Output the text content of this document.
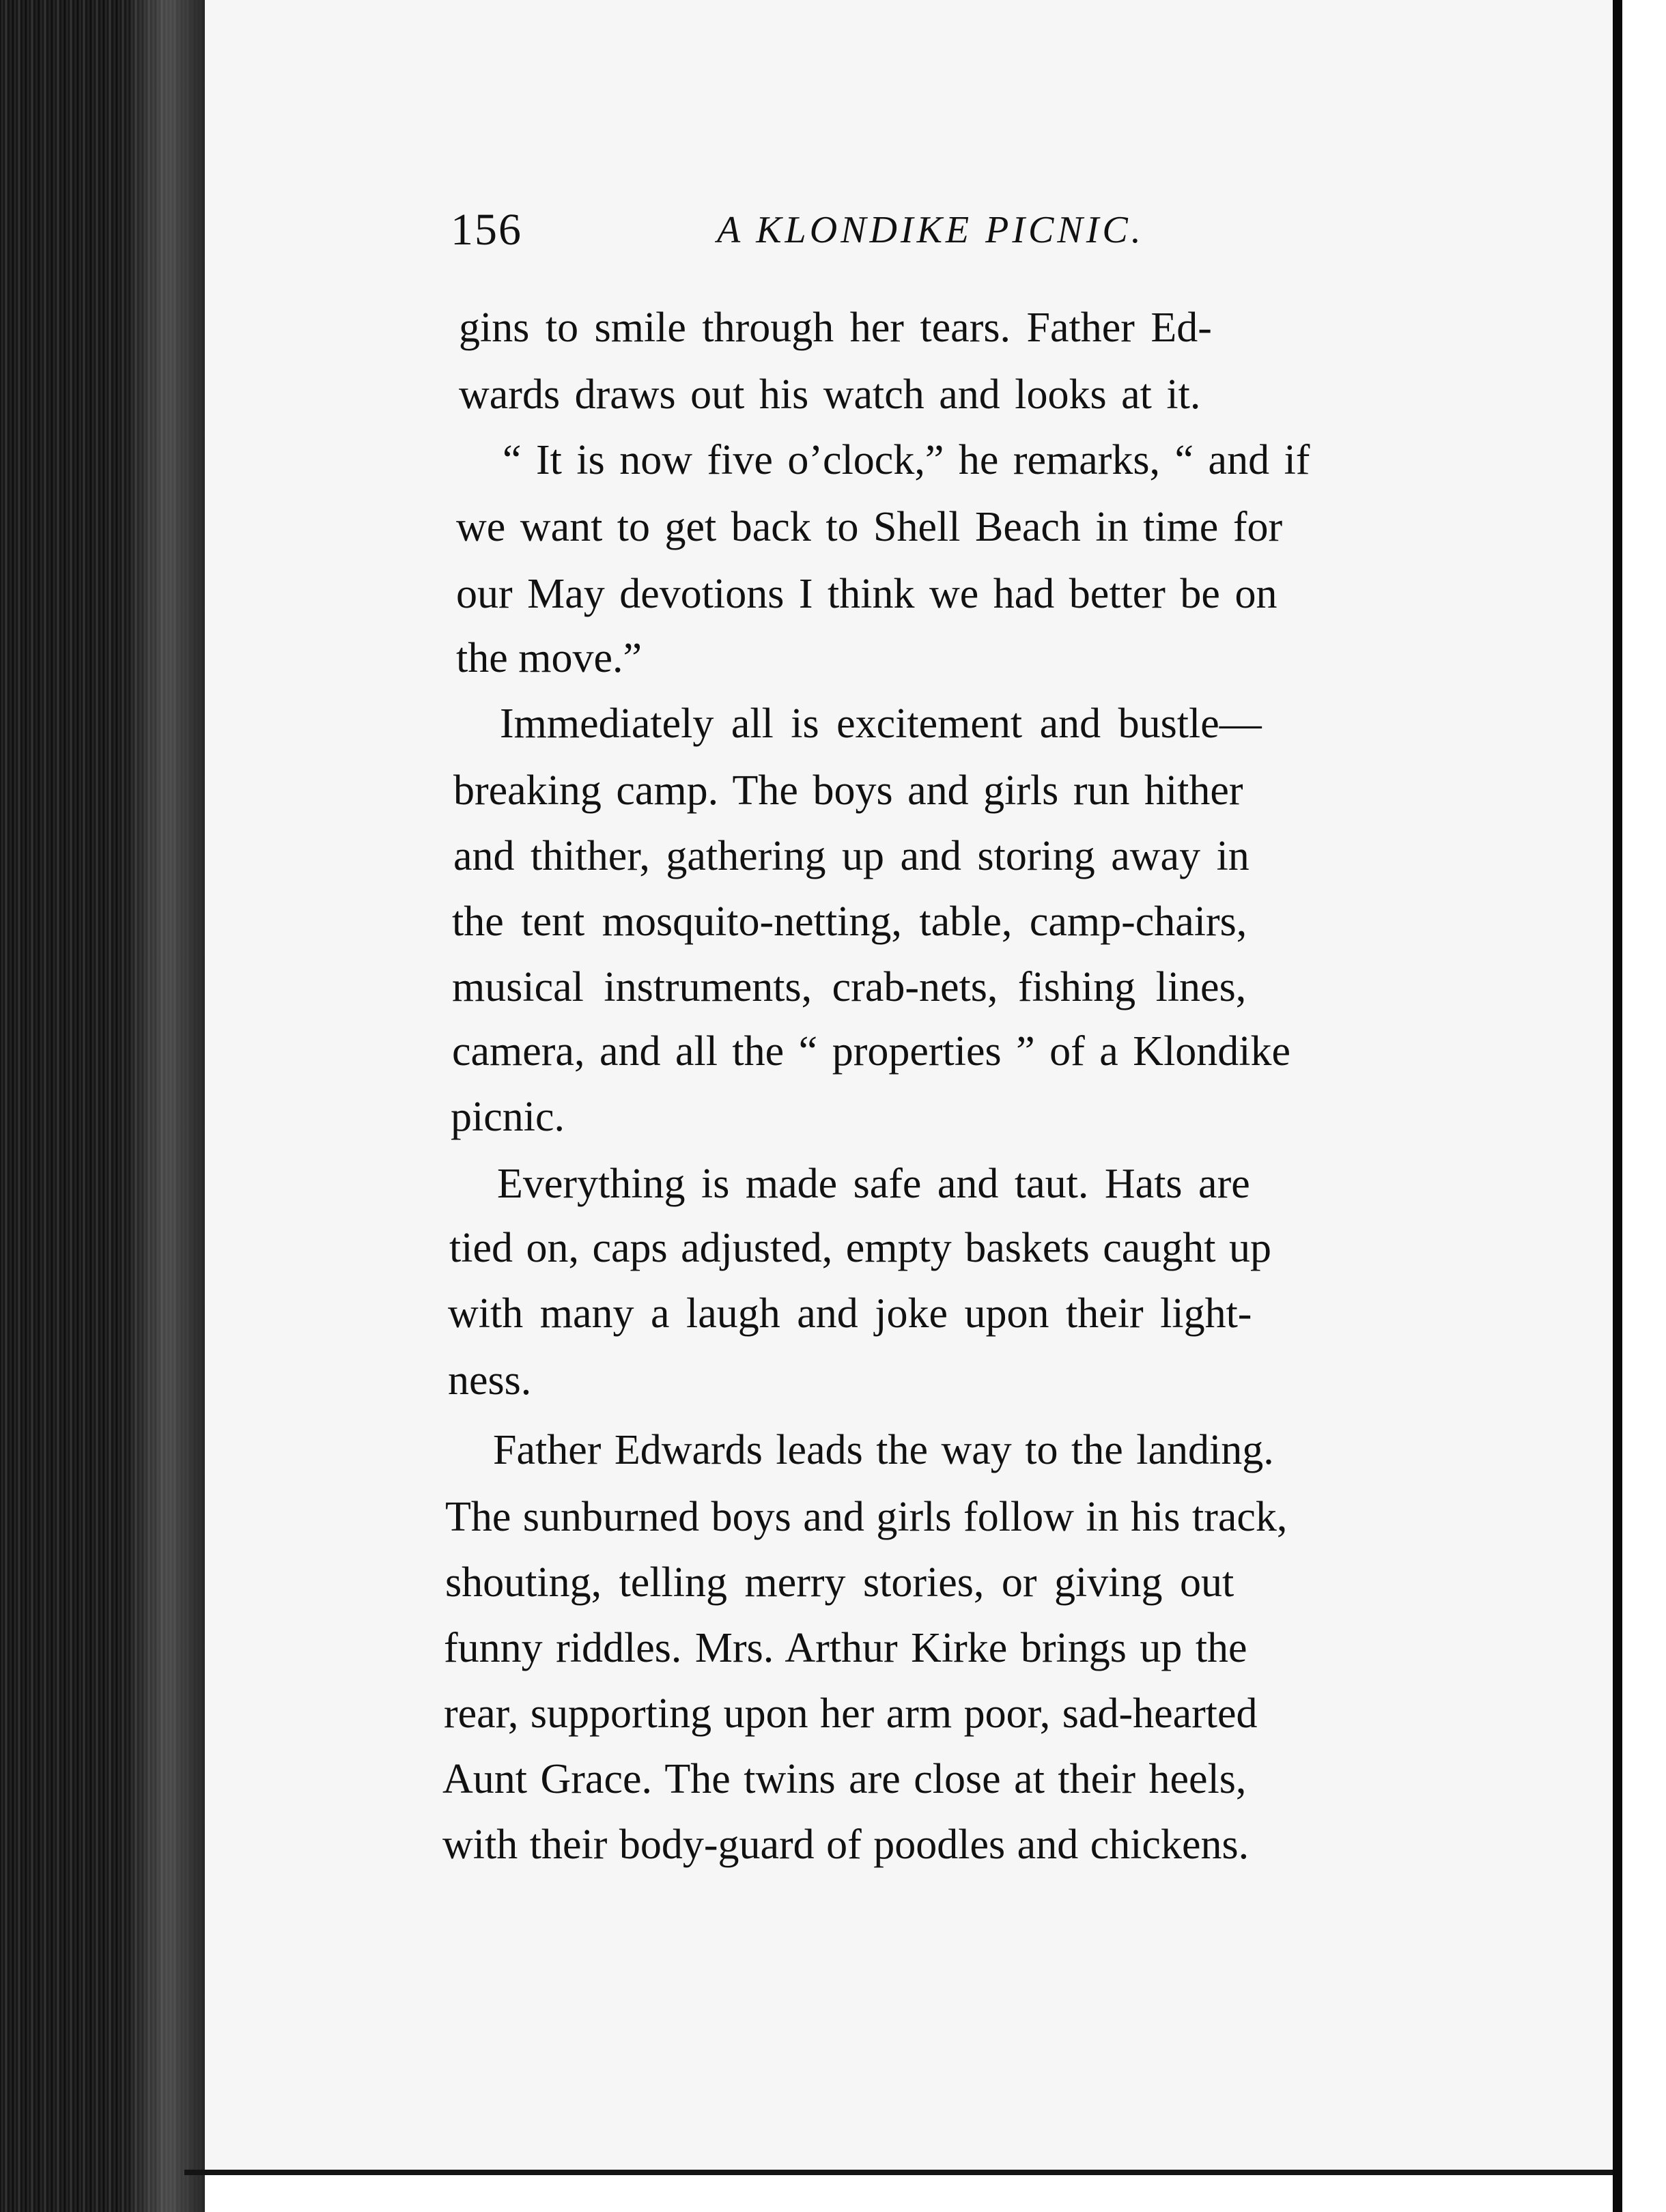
156	A KLONDIKE PICNIC.
gins to smile through her tears. Father Ed-
wards draws out his watch and looks at it.
“ It is now five o’clock,” he remarks, “ and if
we want to get back to Shell Beach in time for
our May devotions I think we had better be on
the move.”
Immediately all is excitement and bustle—
breaking camp. The boys and girls run hither
and thither, gathering up and storing away in
the tent mosquito-netting, table, camp-chairs,
musical instruments, crab-nets, fishing lines,
camera, and all the “ properties ” of a Klondike
picnic.
Everything is made safe and taut. Hats are
tied on, caps adjusted, empty baskets caught up
with many a laugh and joke upon their light-
ness.
Father Edwards leads the way to the landing.
The sunburned boys and girls follow in his track,
shouting, telling merry stories, or giving out
funny riddles. Mrs. Arthur Kirke brings up the
rear, supporting upon her arm poor, sad-hearted
Aunt Grace. The twins are close at their heels,
with their body-guard of poodles and chickens.
